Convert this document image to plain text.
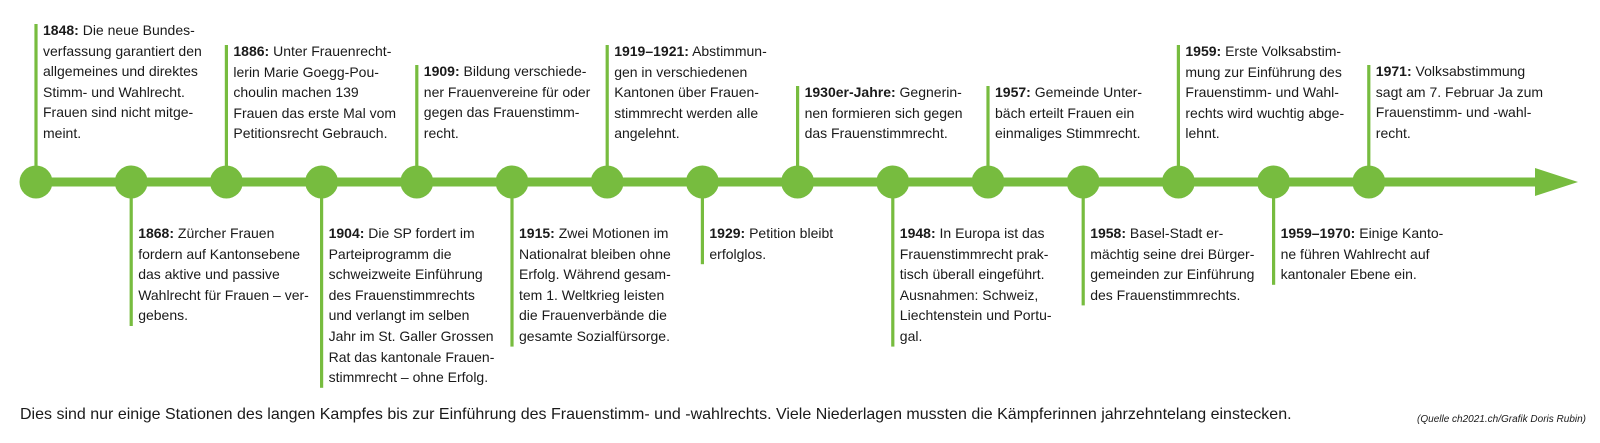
1848: Die neue Bundes-
verfassung garantiert den
allgemeines und direktes
Stimm- und Wahlrecht.
Frauen sind nicht mitge-
meint.
1868: Zürcher Frauen
fordern auf Kantonsebene
das aktive und passive
Wahlrecht für Frauen – ver-
gebens.
1886: Unter Frauenrecht-
lerin Marie Goegg-Pou-
choulin machen 139
Frauen das erste Mal vom
Petitionsrecht Gebrauch.
1904: Die SP fordert im
Parteiprogramm die
schweizweite Einführung
des Frauenstimmrechts
und verlangt im selben
Jahr im St. Galler Grossen
Rat das kantonale Frauen-
stimmrecht – ohne Erfolg.
1909: Bildung verschiede-
ner Frauenvereine für oder
gegen das Frauenstimm-
recht.
1915: Zwei Motionen im
Nationalrat bleiben ohne
Erfolg. Während gesam-
tem 1. Weltkrieg leisten
die Frauenverbände die
gesamte Sozialfürsorge.
1919–1921: Abstimmun-
gen in verschiedenen
Kantonen über Frauen-
stimmrecht werden alle
angelehnt.
1929: Petition bleibt
erfolglos.
1930er-Jahre: Gegnerin-
nen formieren sich gegen
das Frauenstimmrecht.
1948: In Europa ist das
Frauenstimmrecht prak-
tisch überall eingeführt.
Ausnahmen: Schweiz,
Liechtenstein und Portu-
gal.
1957: Gemeinde Unter-
bäch erteilt Frauen ein
einmaliges Stimmrecht.
1958: Basel-Stadt er-
mächtig seine drei Bürger-
gemeinden zur Einführung
des Frauenstimmrechts.
1959: Erste Volksabstim-
mung zur Einführung des
Frauenstimm- und Wahl-
rechts wird wuchtig abge-
lehnt.
1959–1970: Einige Kanto-
ne führen Wahlrecht auf
kantonaler Ebene ein.
1971: Volksabstimmung
sagt am 7. Februar Ja zum
Frauenstimm- und -wahl-
recht.
Dies sind nur einige Stationen des langen Kampfes bis zur Einführung des Frauenstimm- und -wahlrechts. Viele Niederlagen mussten die Kämpferinnen jahrzehntelang einstecken.	(Quelle ch2021.ch/Grafik Doris Rubin)
